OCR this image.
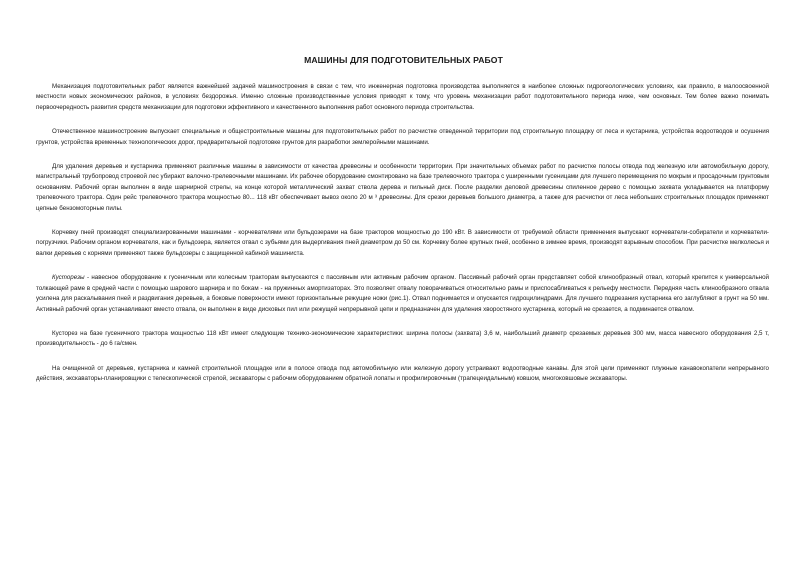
МАШИНЫ ДЛЯ ПОДГОТОВИТЕЛЬНЫХ РАБОТ

Механизация подготовительных работ является важнейшей задачей машиностроения в связи с тем, что инженерная подготовка производства выполняется в наиболее сложных гидрогеологических условиях, как правило, в малоосвоенной местности новых экономических районов, в условиях бездорожья. Именно сложные производственные условия приводят к тому, что уровень механизации работ подготовительного периода ниже, чем основных. Тем более важно понимать первоочередность развития средств механизации для подготовки эффективного и качественного выполнения работ основного периода строительства.

Отечественное машиностроение выпускает специальные и общестроительные машины для подготовительных работ по расчистке отведенной территории под строительную площадку от леса и кустарника, устройства водоотводов и осушения грунтов, устройства временных технологических дорог, предварительной подготовке грунтов для разработки землеройными машинами.

Для удаления деревьев и кустарника применяют различные машины в зависимости от качества древесины и особенности территории. При значительных объемах работ по расчистке полосы отвода под железную или автомобильную дорогу, магистральный трубопровод строевой лес убирают валочно-трелевочными машинами. Их рабочее оборудование смонтировано на базе трелевочного трактора с уширенными гусеницами для лучшего перемещения по мокрым и просадочным грунтовым основаниям. Рабочий орган выполнен в виде шарнирной стрелы, на конце которой металлический захват ствола дерева и пильный диск. После разделки деловой древесины спиленное дерево с помощью захвата укладывается на платформу трелевочного трактора. Один рейс трелевочного трактора мощностью 80... 118 кВт обеспечивает вывоз около 20 м ³ древесины. Для срезки деревьев большого диаметра, а также для расчистки от леса небольших строительных площадок применяют цепные бензомоторные пилы.

Корчевку пней производят специализированными машинами - корчевателями или бульдозерами на базе тракторов мощностью до 190 кВт. В зависимости от требуемой области применения выпускают корчеватели-собиратели и корчеватели-погрузчики. Рабочим органом корчевателя, как и бульдозера, является отвал с зубьями для выдергивания пней диаметром до 50 см. Корчевку более крупных пней, особенно в зимнее время, производят взрывным способом. При расчистке мелколесья и валки деревьев с корнями применяют также бульдозеры с защищенной кабиной машиниста.

Кусторезы - навесное оборудование к гусеничным или колесным тракторам выпускаются с пассивным или активным рабочим органом. Пассивный рабочий орган представляет собой клинообразный отвал, который крепится к универсальной толкающей раме в средней части с помощью шарового шарнира и по бокам - на пружинных амортизаторах. Это позволяет отвалу поворачиваться относительно рамы и приспосабливаться к рельефу местности. Передняя часть клинообразного отвала усилена для раскалывания пней и раздвигания деревьев, а боковые поверхности имеют горизонтальные режущие ножи (рис.1). Отвал поднимается и опускается гидроцилиндрами. Для лучшего подрезания кустарника его заглубляют в грунт на 50 мм. Активный рабочий орган устанавливают вместо отвала, он выполнен в виде дисковых пил или режущей непрерывной цепи и предназначен для удаления хворостяного кустарника, который не срезается, а подминается отвалом.

Кусторез на базе гусеничного трактора мощностью 118 кВт имеет следующие технико-экономические характеристики: ширина полосы (захвата) 3,6 м, наибольший диаметр срезаемых деревьев 300 мм, масса навесного оборудования 2,5 т, производительность - до 6 га/смен.

На очищенной от деревьев, кустарника и камней строительной площадке или в полосе отвода под автомобильную или железную дорогу устраивают водоотводные канавы. Для этой цели применяют плужные канавокопатели непрерывного действия, экскаваторы-планировщики с телескопической стрелой, экскаваторы с рабочим оборудованием обратной лопаты и профилировочным (трапецеидальным) ковшом, многоковшовые экскаваторы.
